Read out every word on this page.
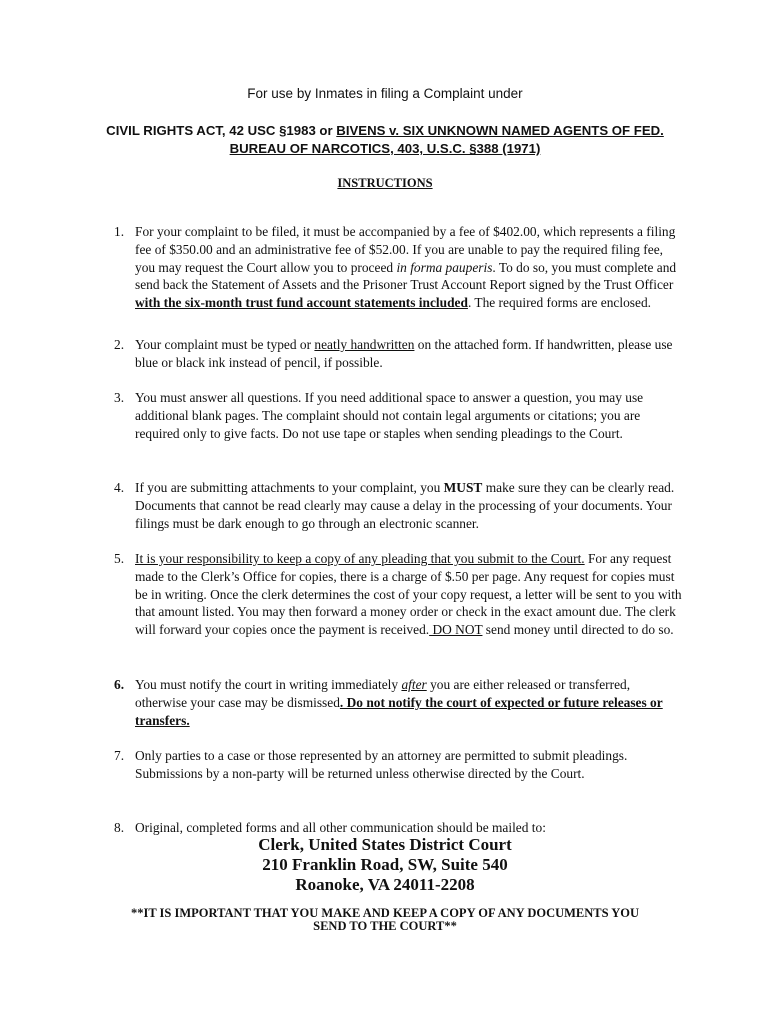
For use by Inmates in filing a Complaint under
CIVIL RIGHTS ACT, 42 USC §1983 or BIVENS v. SIX UNKNOWN NAMED AGENTS OF FED.
BUREAU OF NARCOTICS, 403, U.S.C. §388 (1971)
INSTRUCTIONS
1. For your complaint to be filed, it must be accompanied by a fee of $402.00, which represents a filing fee of $350.00 and an administrative fee of $52.00. If you are unable to pay the required filing fee, you may request the Court allow you to proceed in forma pauperis. To do so, you must complete and send back the Statement of Assets and the Prisoner Trust Account Report signed by the Trust Officer with the six-month trust fund account statements included. The required forms are enclosed.
2. Your complaint must be typed or neatly handwritten on the attached form. If handwritten, please use blue or black ink instead of pencil, if possible.
3. You must answer all questions. If you need additional space to answer a question, you may use additional blank pages. The complaint should not contain legal arguments or citations; you are required only to give facts. Do not use tape or staples when sending pleadings to the Court.
4. If you are submitting attachments to your complaint, you MUST make sure they can be clearly read. Documents that cannot be read clearly may cause a delay in the processing of your documents. Your filings must be dark enough to go through an electronic scanner.
5. It is your responsibility to keep a copy of any pleading that you submit to the Court. For any request made to the Clerk’s Office for copies, there is a charge of $.50 per page. Any request for copies must be in writing. Once the clerk determines the cost of your copy request, a letter will be sent to you with that amount listed. You may then forward a money order or check in the exact amount due. The clerk will forward your copies once the payment is received. DO NOT send money until directed to do so.
6. You must notify the court in writing immediately after you are either released or transferred, otherwise your case may be dismissed. Do not notify the court of expected or future releases or transfers.
7. Only parties to a case or those represented by an attorney are permitted to submit pleadings. Submissions by a non-party will be returned unless otherwise directed by the Court.
8. Original, completed forms and all other communication should be mailed to:
Clerk, United States District Court
210 Franklin Road, SW, Suite 540
Roanoke, VA 24011-2208
**IT IS IMPORTANT THAT YOU MAKE AND KEEP A COPY OF ANY DOCUMENTS YOU
SEND TO THE COURT**
